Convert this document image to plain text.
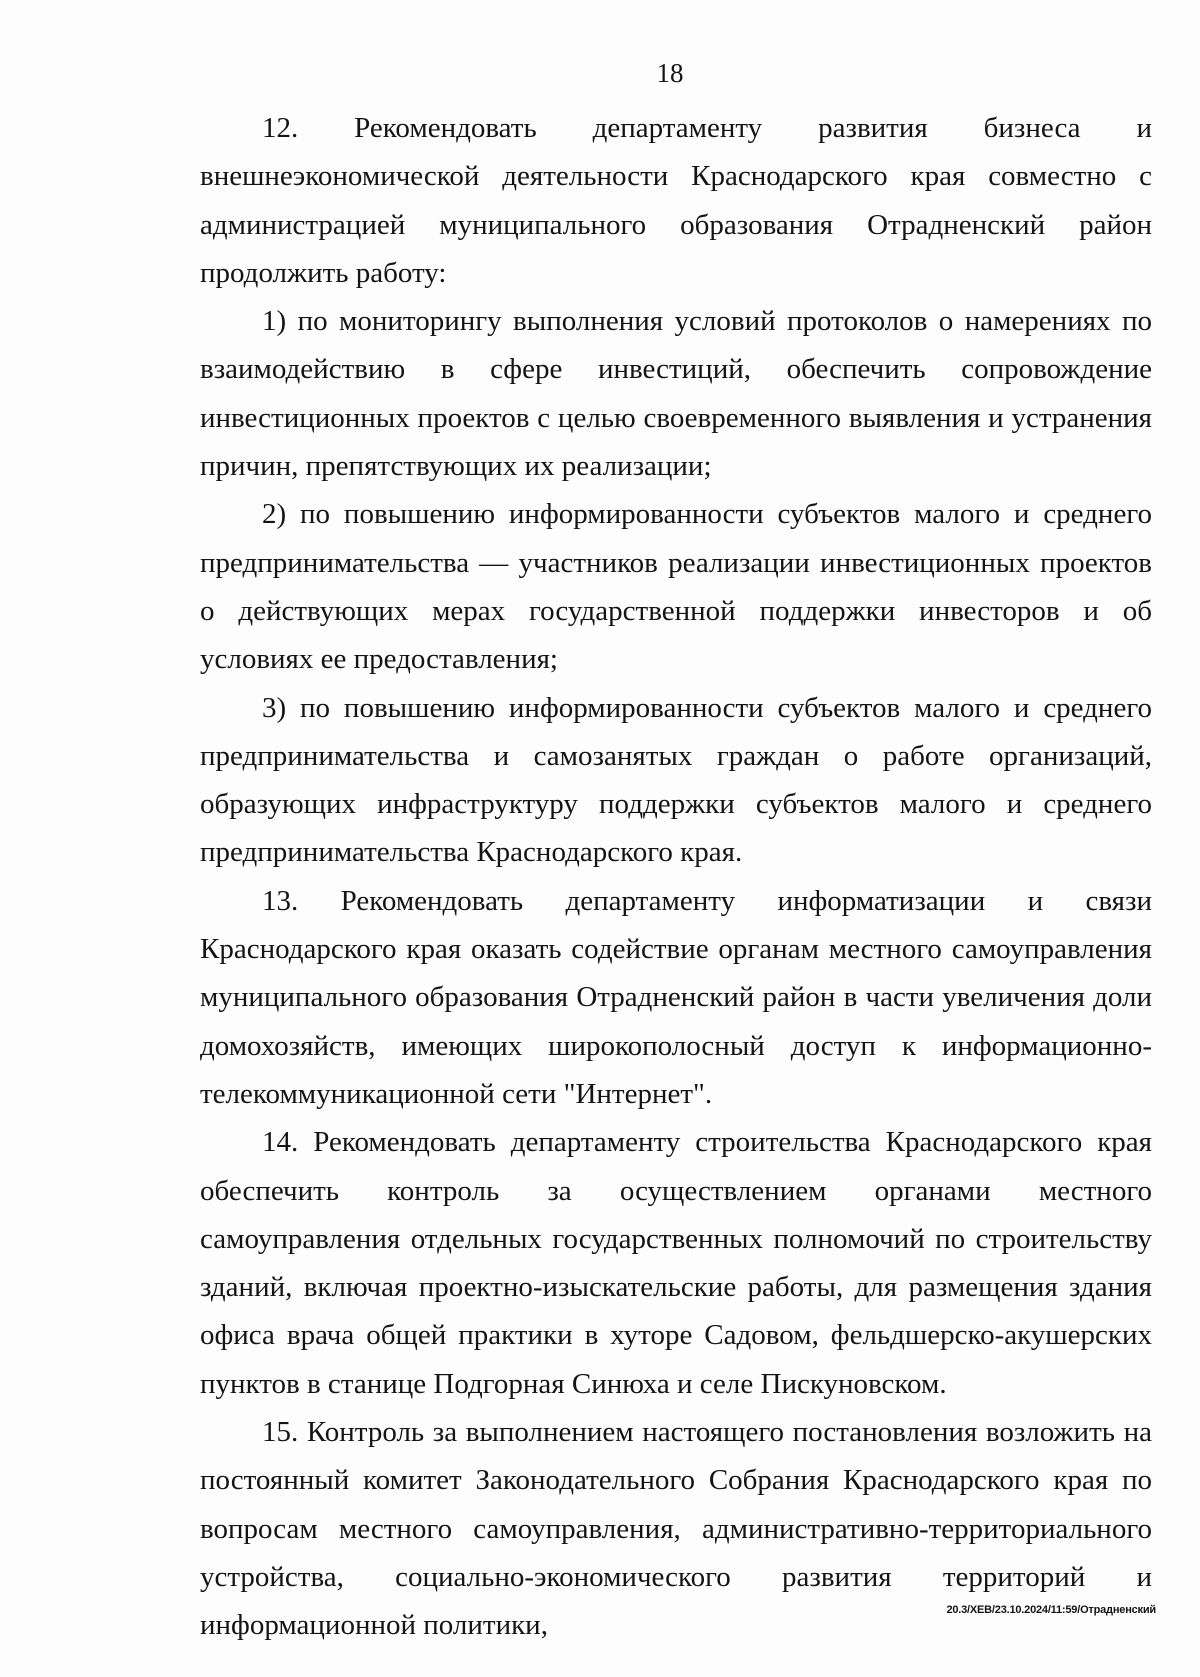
18

12. Рекомендовать департаменту развития бизнеса и внешнеэкономической деятельности Краснодарского края совместно с администрацией муниципального образования Отрадненский район продолжить работу:

1) по мониторингу выполнения условий протоколов о намерениях по взаимодействию в сфере инвестиций, обеспечить сопровождение инвестиционных проектов с целью своевременного выявления и устранения причин, препятствующих их реализации;

2) по повышению информированности субъектов малого и среднего предпринимательства — участников реализации инвестиционных проектов о действующих мерах государственной поддержки инвесторов и об условиях ее предоставления;

3) по повышению информированности субъектов малого и среднего предпринимательства и самозанятых граждан о работе организаций, образующих инфраструктуру поддержки субъектов малого и среднего предпринимательства Краснодарского края.

13. Рекомендовать департаменту информатизации и связи Краснодарского края оказать содействие органам местного самоуправления муниципального образования Отрадненский район в части увеличения доли домохозяйств, имеющих широкополосный доступ к информационно-телекоммуникационной сети "Интернет".

14. Рекомендовать департаменту строительства Краснодарского края обеспечить контроль за осуществлением органами местного самоуправления отдельных государственных полномочий по строительству зданий, включая проектно-изыскательские работы, для размещения здания офиса врача общей практики в хуторе Садовом, фельдшерско-акушерских пунктов в станице Подгорная Синюха и селе Пискуновском.

15. Контроль за выполнением настоящего постановления возложить на постоянный комитет Законодательного Собрания Краснодарского края по вопросам местного самоуправления, административно-территориального устройства, социально-экономического развития территорий и информационной политики,	20.3/ХЕВ/23.10.2024/11:59/Отрадненский
